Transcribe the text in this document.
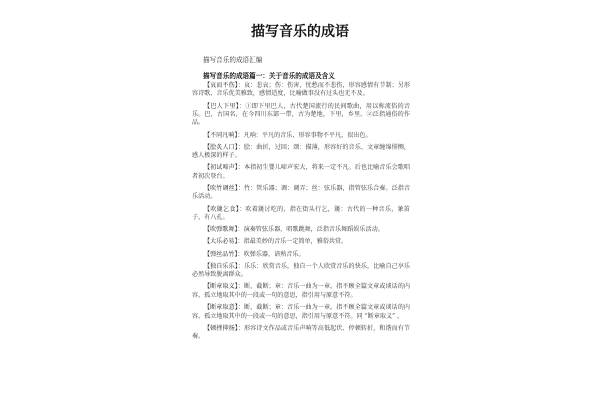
描写音乐的成语
描写音乐的成语汇编
描写音乐的成语篇一：关于音乐的成语及含义

【哀而不伤】：哀：悲哀；伤：伤害，忧愁而不悲伤，形容感情有节制；另形容诗歌、音乐优美雅致，感情适度，比喻做事没有过头也无不及。

【巴人下里】：①即下里巴人，古代楚国流行的民间歌曲，用以称流俗的音乐。巴，古国名，在今四川东部一带，古为楚地，下里，乡里。②泛指通俗的作品。

【不同凡响】：凡响：平凡的音乐，形容事物不平凡，很出色。

【脍炙人口】：脍：曲折，过回；颂：描薄，形容好的音乐、文章缠绵悱恻，感人极深的样子。

【初试啼声】：本指初生婴儿啼声宏大，将来一定不凡。后也比喻音乐会歌唱者初次登台。

【吹竹调丝】：竹：管乐器；调：调弄；丝：弦乐器，指管弦乐合奏。泛指音乐活动。

【吹篪乞食】：吹着篪讨吃的，指在街头行乞，篪：古代的一种音乐，象笛子，有八孔。

【吹弹歌舞】：演奏管弦乐器，唱歌跳舞，泛指音乐舞蹈娱乐活动。

【大乐必易】：指最美妙的音乐一定简单，雅俗共赏。

【弹丝品竹】：吹弹乐器，谙熟音乐。

【独自乐乐】：乐乐：欣赏音乐，独自一个人欣赏音乐的快乐，比喻自己享乐必然导致脱离群众。

【断章取义】：断，截断；章：音乐一曲为一章。指不顾全篇文章或谈话的内容，孤立地取其中的一段或一句的意思，指引用与原意不符。

【断章取意】：断，截断；章：音乐一曲为一章。指不顾全篇文章或谈话的内容，孤立地取其中的一段或一句的意思，指引用与原意不符。同 “断章取义” 。

【顿挫抑扬】：形容诗文作品或音乐声响等高低起伏、停顿转折，和谐而有节奏。
